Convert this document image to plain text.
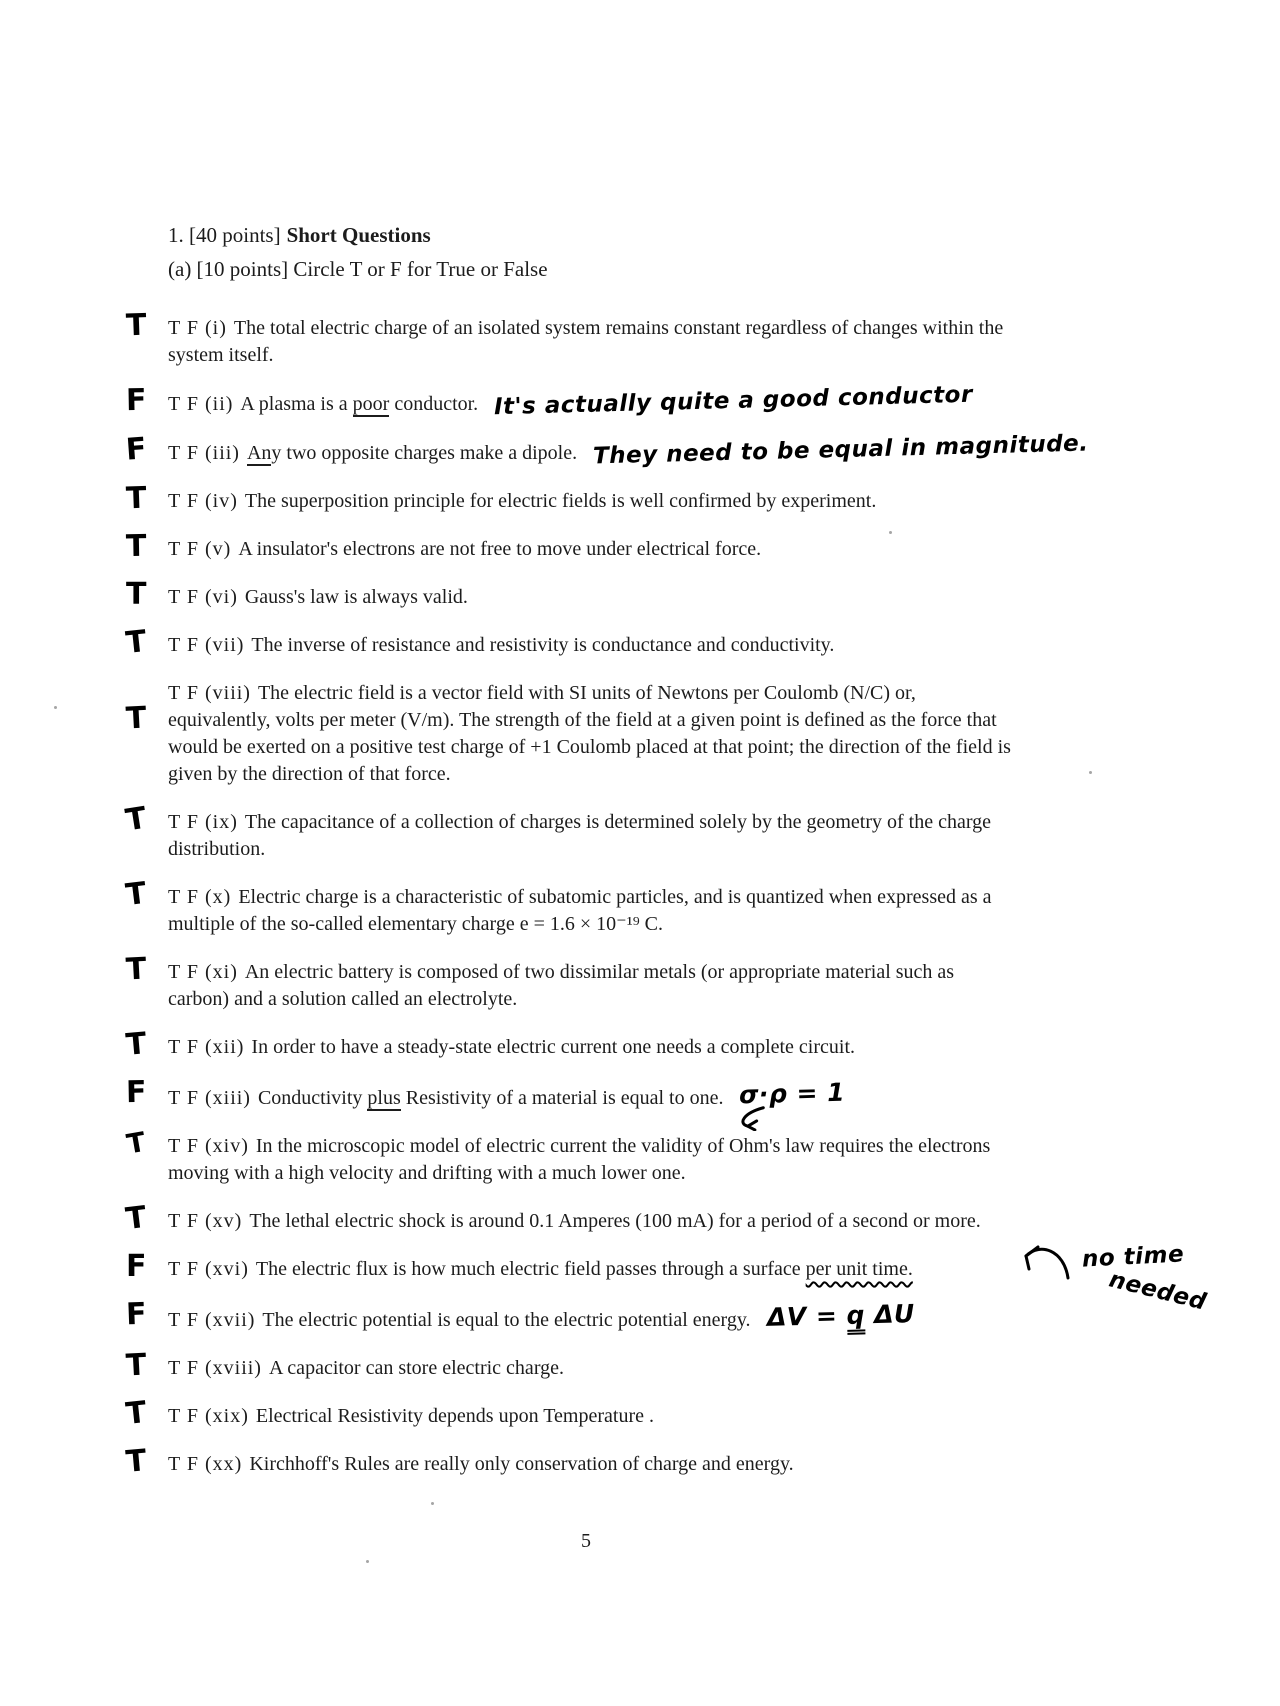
1. [40 points] Short Questions

(a) [10 points] Circle T or F for True or False

T T F (i) The total electric charge of an isolated system remains constant regardless of changes within the system itself.

F T F (ii) A plasma is a poor conductor. It's actually quite a good conductor

F T F (iii) Any two opposite charges make a dipole. They need to be equal in magnitude.

T T F (iv) The superposition principle for electric fields is well confirmed by experiment.

T T F (v) A insulator's electrons are not free to move under electrical force.

T T F (vi) Gauss's law is always valid.

T T F (vii) The inverse of resistance and resistivity is conductance and conductivity.

T

T F (viii) The electric field is a vector field with SI units of Newtons per Coulomb (N/C) or, equivalently, volts per meter (V/m). The strength of the field at a given point is defined as the force that would be exerted on a positive test charge of +1 Coulomb placed at that point; the direction of the field is given by the direction of that force.

T T F (ix) The capacitance of a collection of charges is determined solely by the geometry of the charge distribution.

T T F (x) Electric charge is a characteristic of subatomic particles, and is quantized when expressed as a multiple of the so-called elementary charge e = 1.6 × 10⁻¹⁹ C.

T T F (xi) An electric battery is composed of two dissimilar metals (or appropriate material such as carbon) and a solution called an electrolyte.

T T F (xii) In order to have a steady-state electric current one needs a complete circuit.

F T F (xiii) Conductivity plus Resistivity of a material is equal to one. σ·ρ = 1

T T F (xiv) In the microscopic model of electric current the validity of Ohm's law requires the electrons moving with a high velocity and drifting with a much lower one.

T T F (xv) The lethal electric shock is around 0.1 Amperes (100 mA) for a period of a second or more.

F T F (xvi) The electric flux is how much electric field passes through a surface per unit time.	no time
needed
F T F (xvii) The electric potential is equal to the electric potential energy. ΔV = q ΔU

T T F (xviii) A capacitor can store electric charge.

T T F (xix) Electrical Resistivity depends upon Temperature .

T T F (xx) Kirchhoff's Rules are really only conservation of charge and energy.

5
